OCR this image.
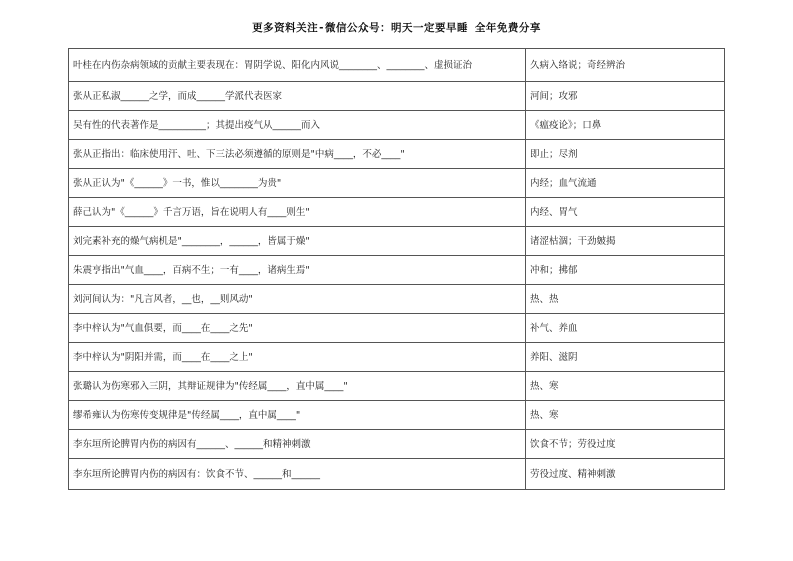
更多资料关注-微信公众号：明天一定要早睡 全年免费分享
叶桂在内伤杂病领域的贡献主要表现在：胃阴学说、阳化内风说________、________、虚损证治	久病入络说；奇经辨治
张从正私淑______之学，而成______学派代表医家	河间；攻邪
吴有性的代表著作是__________；其提出疫气从______而入	《瘟疫论》；口鼻
张从正指出：临床使用汗、吐、下三法必须遵循的原则是"中病____，不必____"	即止；尽剂
张从正认为"《______》一书，惟以________为贵"	内经；血气流通
薛己认为"《______》千言万语，旨在说明人有____则生"	内经、胃气
刘完素补充的燥气病机是"________，______，皆属于燥"	诸涩枯涸；干劲皴揭
朱震亨指出"气血____，百病不生；一有____，诸病生焉"	冲和；拂郁
刘河间认为："凡言风者，__也，__则风动"	热、热
李中梓认为"气血俱要，而____在____之先"	补气、养血
李中梓认为"阴阳并需，而____在____之上"	养阳、滋阴
张璐认为伤寒邪入三阴，其辩证规律为"传经属____，直中属____"	热、寒
缪希雍认为伤寒传变规律是"传经属____，直中属____"	热、寒
李东垣所论脾胃内伤的病因有______、______和精神刺激	饮食不节；劳役过度
李东垣所论脾胃内伤的病因有：饮食不节、______和______	劳役过度、精神刺激
